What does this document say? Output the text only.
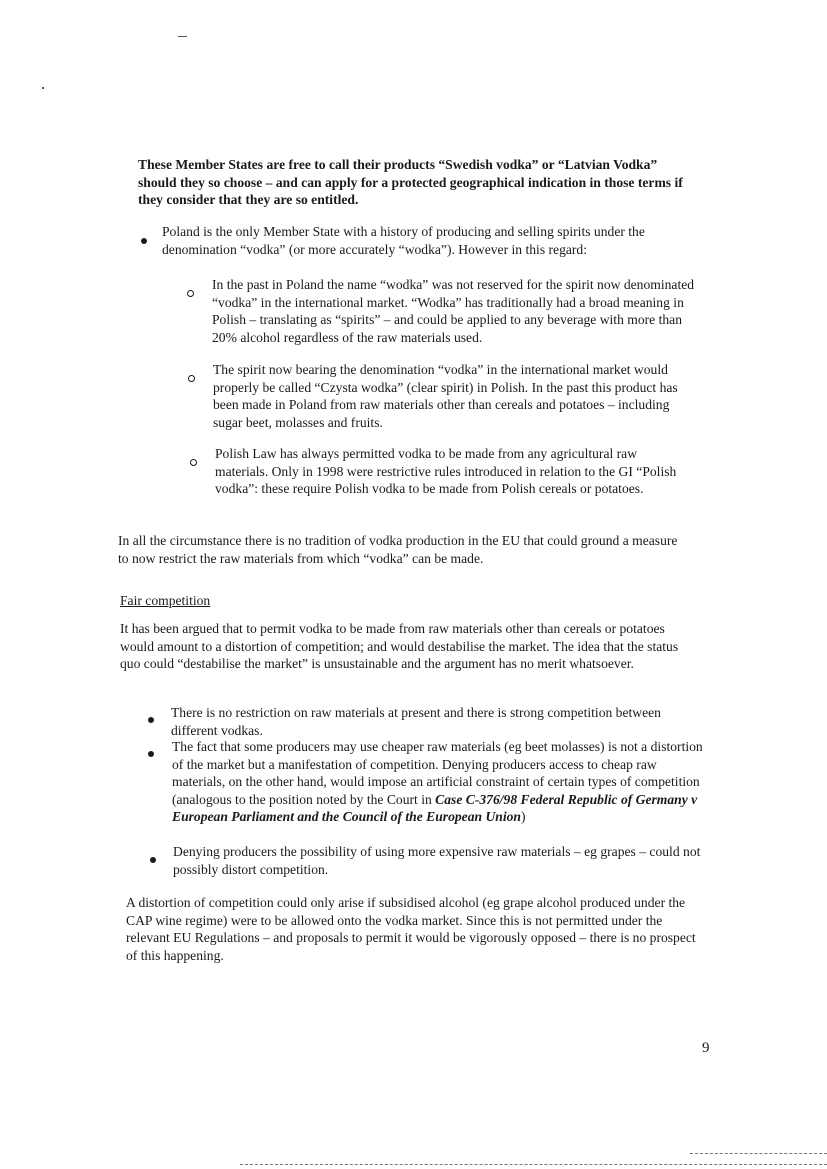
These Member States are free to call their products “Swedish vodka” or “Latvian Vodka” should they so choose – and can apply for a protected geographical indication in those terms if they consider that they are so entitled.
Poland is the only Member State with a history of producing and selling spirits under the denomination “vodka” (or more accurately “wodka”). However in this regard:
In the past in Poland the name “wodka” was not reserved for the spirit now denominated “vodka” in the international market. “Wodka” has traditionally had a broad meaning in Polish – translating as “spirits” – and could be applied to any beverage with more than 20% alcohol regardless of the raw materials used.
The spirit now bearing the denomination “vodka” in the international market would properly be called “Czysta wodka” (clear spirit) in Polish. In the past this product has been made in Poland from raw materials other than cereals and potatoes – including sugar beet, molasses and fruits.
Polish Law has always permitted vodka to be made from any agricultural raw materials. Only in 1998 were restrictive rules introduced in relation to the GI “Polish vodka”: these require Polish vodka to be made from Polish cereals or potatoes.
In all the circumstance there is no tradition of vodka production in the EU that could ground a measure to now restrict the raw materials from which “vodka” can be made.
Fair competition
It has been argued that to permit vodka to be made from raw materials other than cereals or potatoes would amount to a distortion of competition; and would destabilise the market. The idea that the status quo could “destabilise the market” is unsustainable and the argument has no merit whatsoever.
There is no restriction on raw materials at present and there is strong competition between different vodkas.
The fact that some producers may use cheaper raw materials (eg beet molasses) is not a distortion of the market but a manifestation of competition. Denying producers access to cheap raw materials, on the other hand, would impose an artificial constraint of certain types of competition (analogous to the position noted by the Court in Case C-376/98 Federal Republic of Germany v European Parliament and the Council of the European Union)
Denying producers the possibility of using more expensive raw materials – eg grapes – could not possibly distort competition.
A distortion of competition could only arise if subsidised alcohol (eg grape alcohol produced under the CAP wine regime) were to be allowed onto the vodka market. Since this is not permitted under the relevant EU Regulations – and proposals to permit it would be vigorously opposed – there is no prospect of this happening.
9
